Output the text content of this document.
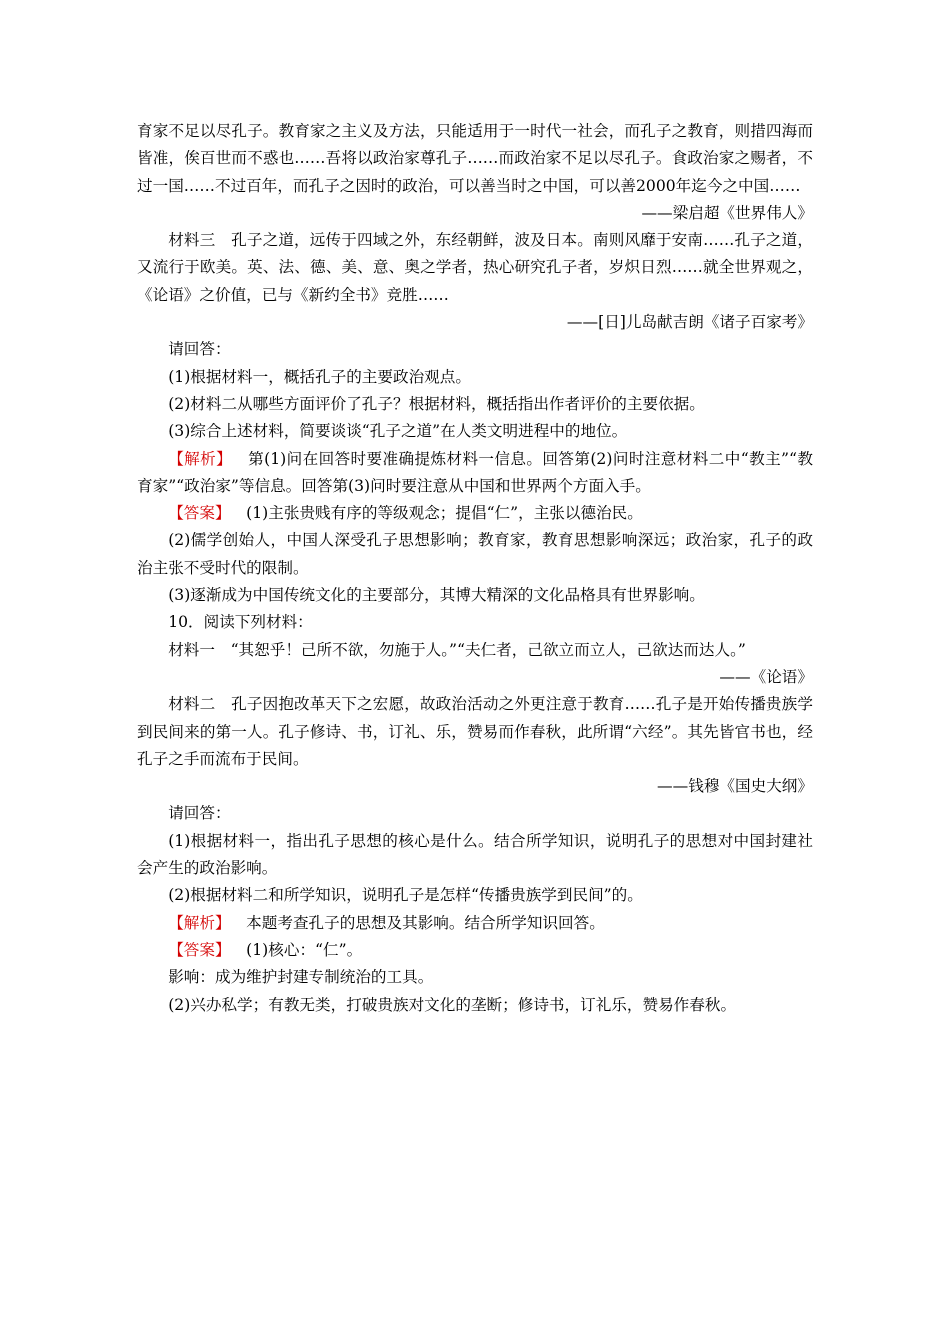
育家不足以尽孔子。教育家之主义及方法，只能适用于一时代一社会，而孔子之教育，则措四海而皆准，俟百世而不惑也……吾将以政治家尊孔子……而政治家不足以尽孔子。食政治家之赐者，不过一国……不过百年，而孔子之因时的政治，可以善当时之中国，可以善2000年迄今之中国……

——梁启超《世界伟人》

材料三　孔子之道，远传于四域之外，东经朝鲜，波及日本。南则风靡于安南……孔子之道，又流行于欧美。英、法、德、美、意、奥之学者，热心研究孔子者，岁炽日烈……就全世界观之，《论语》之价值，已与《新约全书》竞胜……

——[日]儿岛献吉朗《诸子百家考》

请回答：

(1)根据材料一，概括孔子的主要政治观点。

(2)材料二从哪些方面评价了孔子？根据材料，概括指出作者评价的主要依据。

(3)综合上述材料，简要谈谈“孔子之道”在人类文明进程中的地位。

【解析】 第(1)问在回答时要准确提炼材料一信息。回答第(2)问时注意材料二中“教主”“教育家”“政治家”等信息。回答第(3)问时要注意从中国和世界两个方面入手。

【答案】 (1)主张贵贱有序的等级观念；提倡“仁”，主张以德治民。

(2)儒学创始人，中国人深受孔子思想影响；教育家，教育思想影响深远；政治家，孔子的政治主张不受时代的限制。

(3)逐渐成为中国传统文化的主要部分，其博大精深的文化品格具有世界影响。

10．阅读下列材料：

材料一　“其恕乎！己所不欲，勿施于人。”“夫仁者，己欲立而立人，己欲达而达人。”

——《论语》

材料二　孔子因抱改革天下之宏愿，故政治活动之外更注意于教育……孔子是开始传播贵族学到民间来的第一人。孔子修诗、书，订礼、乐，赞易而作春秋，此所谓“六经”。其先皆官书也，经孔子之手而流布于民间。

——钱穆《国史大纲》

请回答：

(1)根据材料一，指出孔子思想的核心是什么。结合所学知识，说明孔子的思想对中国封建社会产生的政治影响。

(2)根据材料二和所学知识，说明孔子是怎样“传播贵族学到民间”的。

【解析】 本题考查孔子的思想及其影响。结合所学知识回答。

【答案】 (1)核心：“仁”。

影响：成为维护封建专制统治的工具。

(2)兴办私学；有教无类，打破贵族对文化的垄断；修诗书，订礼乐，赞易作春秋。
